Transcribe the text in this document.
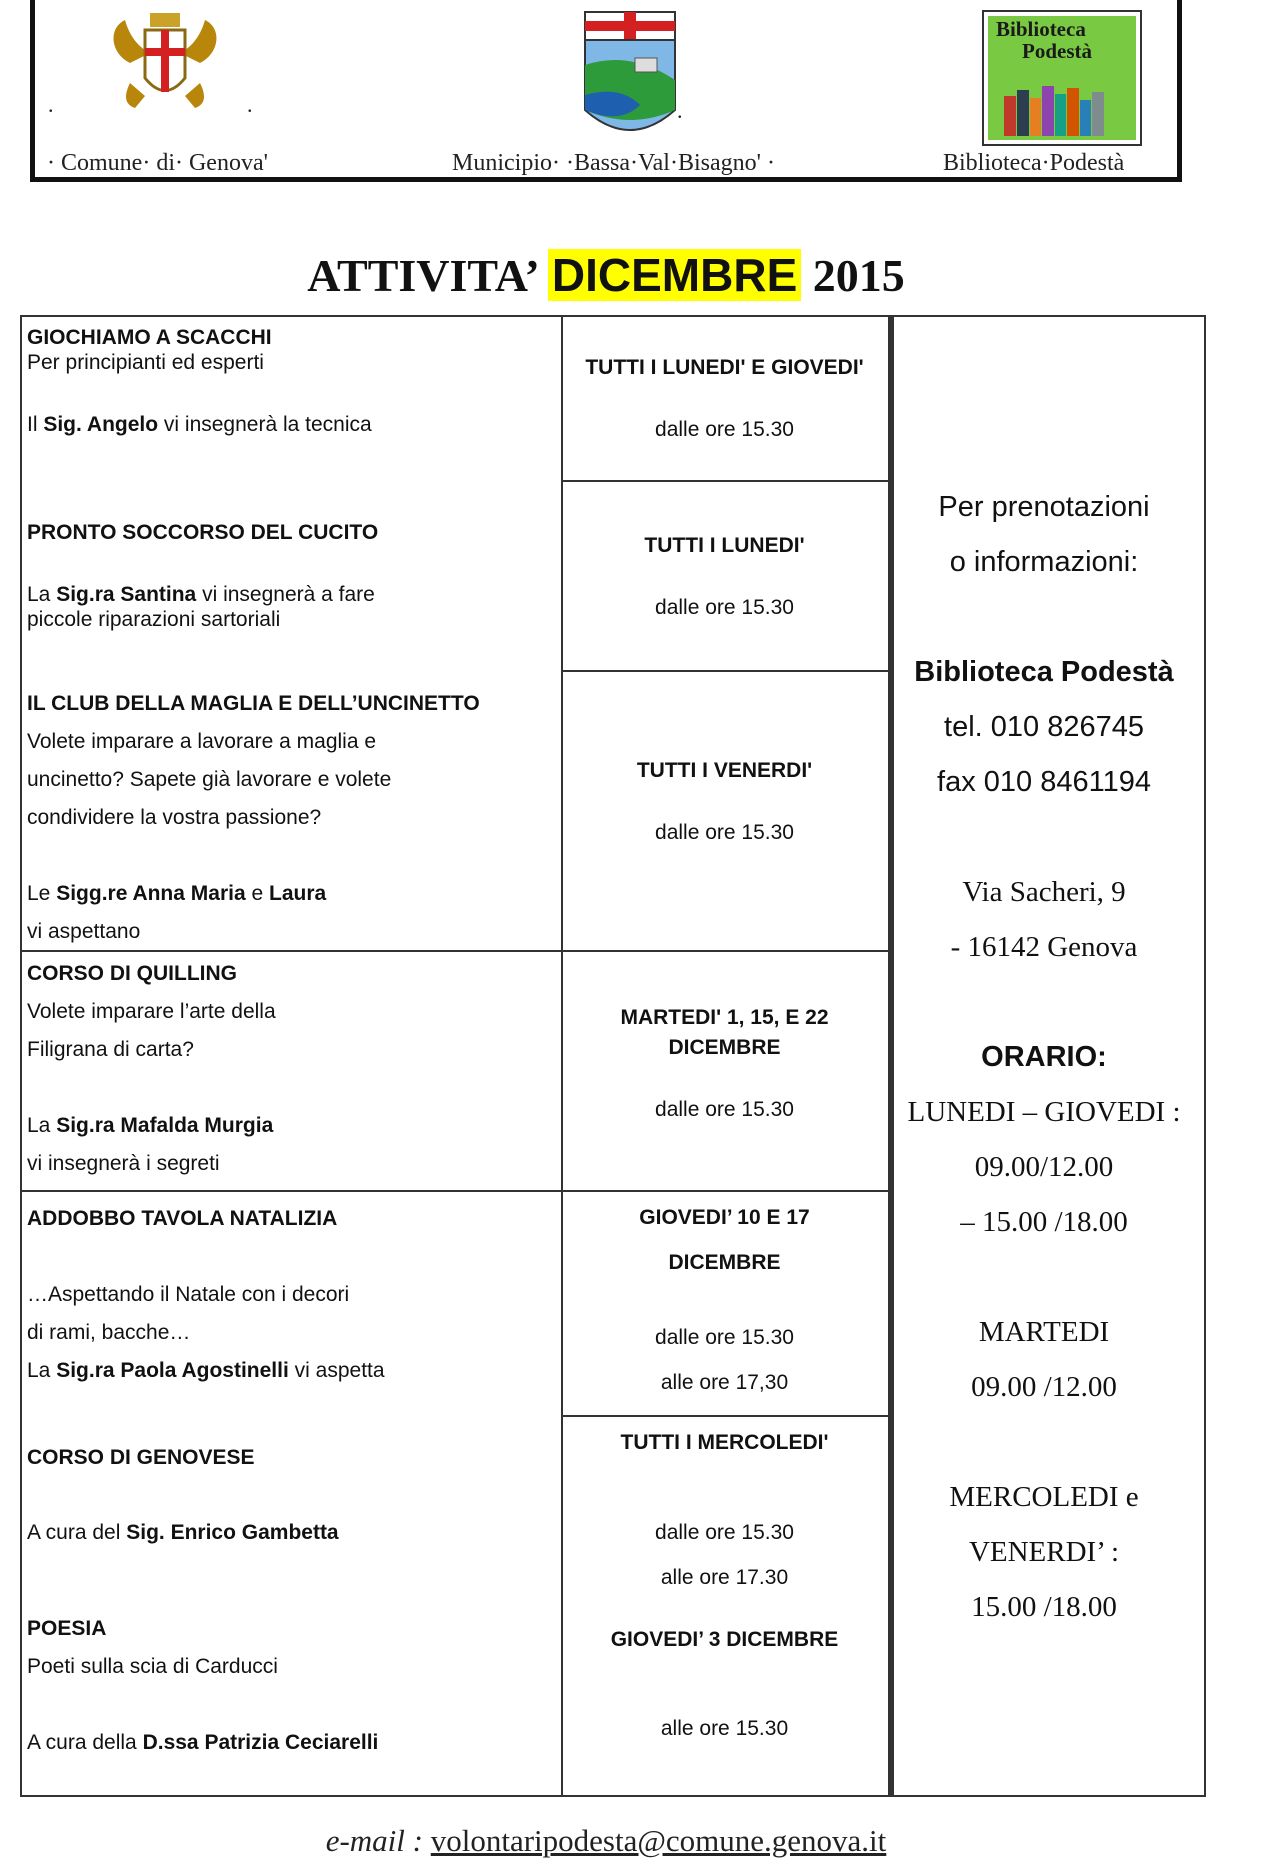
.	.
· Comune· di· Genova'
.
Municipio· ·Bassa·Val·Bisagno' ·
Biblioteca
Podestà
Biblioteca·Podestà
ATTIVITA’ DICEMBRE 2015

GIOCHIAMO A SCACCHI

Per principianti ed esperti

Il Sig. Angelo vi insegnerà la tecnica

TUTTI I LUNEDI' E GIOVEDI'

dalle ore 15.30

PRONTO SOCCORSO DEL CUCITO

La Sig.ra Santina vi insegnerà a fare

piccole riparazioni sartoriali

TUTTI I LUNEDI'

dalle ore 15.30

IL CLUB DELLA MAGLIA E DELL’UNCINETTO

Volete imparare a lavorare a maglia e

uncinetto? Sapete già lavorare e volete

condividere la vostra passione?

Le Sigg.re Anna Maria e Laura

vi aspettano

TUTTI I VENERDI'

dalle ore 15.30

CORSO DI QUILLING

Volete imparare l’arte della

Filigrana di carta?

La Sig.ra Mafalda Murgia

vi insegnerà i segreti

MARTEDI' 1, 15, E 22

DICEMBRE

dalle ore 15.30

ADDOBBO TAVOLA NATALIZIA

…Aspettando il Natale con i decori

di rami, bacche…

La Sig.ra Paola Agostinelli vi aspetta

GIOVEDI’ 10 E 17

DICEMBRE

dalle ore 15.30

alle ore 17,30

CORSO DI GENOVESE

A cura del Sig. Enrico Gambetta

TUTTI I MERCOLEDI'

dalle ore 15.30

alle ore 17.30

POESIA

Poeti sulla scia di Carducci

A cura della D.ssa Patrizia Ceciarelli

GIOVEDI’ 3 DICEMBRE

alle ore 15.30

Per prenotazioni
o informazioni:
Biblioteca Podestà
tel. 010 826745
fax 010 8461194
Via Sacheri, 9
- 16142 Genova
ORARIO:
LUNEDI – GIOVEDI :
09.00/12.00
– 15.00 /18.00
MARTEDI
09.00 /12.00
MERCOLEDI e
VENERDI’ :
15.00 /18.00
e-mail : volontaripodesta@comune.genova.it
